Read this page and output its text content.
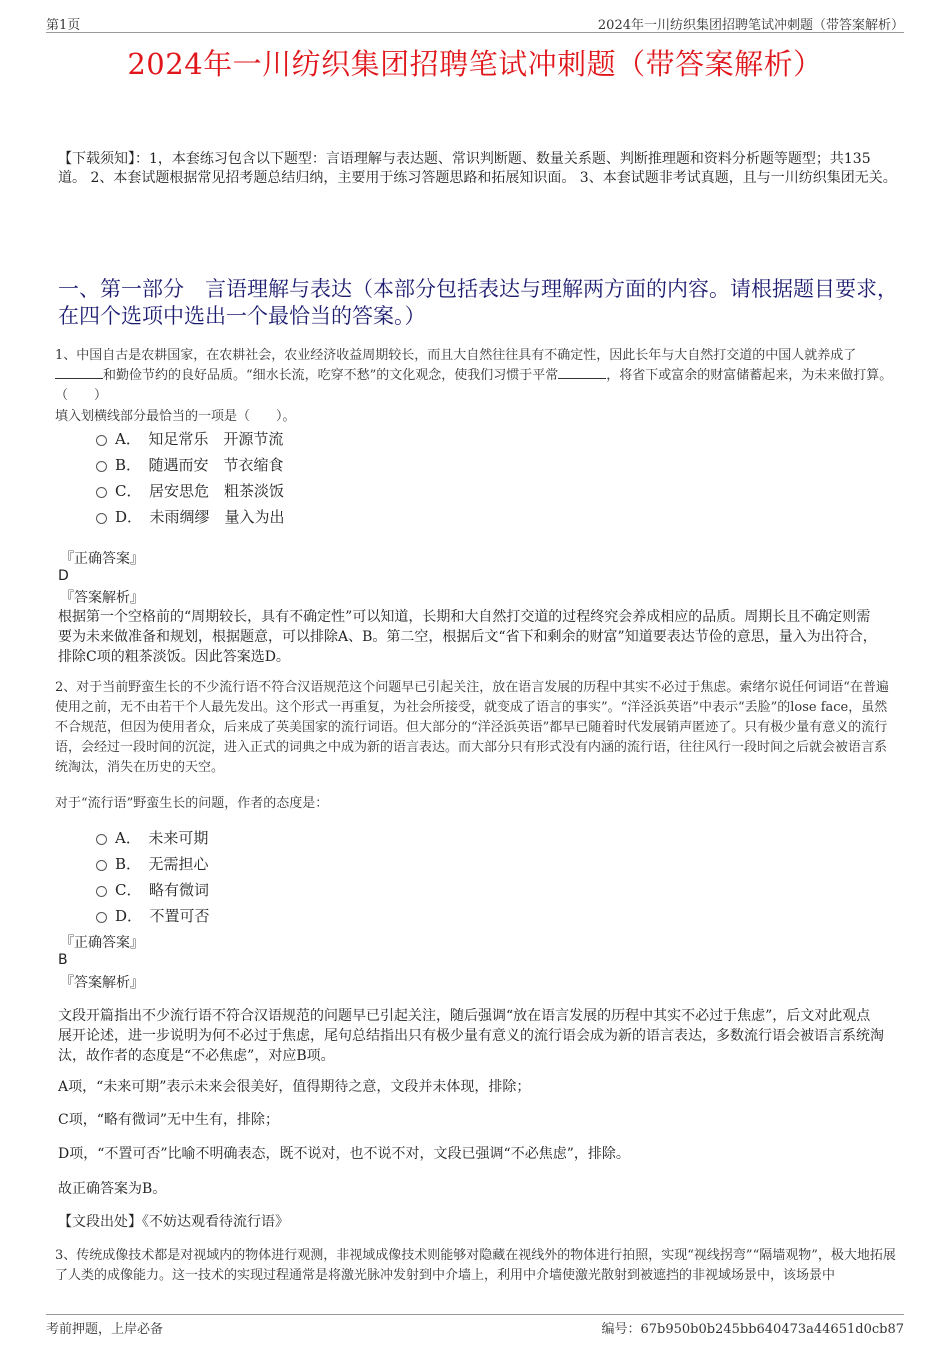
第1页	2024年一川纺织集团招聘笔试冲刺题（带答案解析）
2024年一川纺织集团招聘笔试冲刺题（带答案解析）
【下载须知】：1，本套练习包含以下题型：言语理解与表达题、常识判断题、数量关系题、判断推理题和资料分析题等题型；共135道。 2、本套试题根据常见招考题总结归纳，主要用于练习答题思路和拓展知识面。 3、本套试题非考试真题，且与一川纺织集团无关。
一、第一部分　言语理解与表达（本部分包括表达与理解两方面的内容。请根据题目要求，在四个选项中选出一个最恰当的答案。）
1、中国自古是农耕国家，在农耕社会，农业经济收益周期较长，而且大自然往往具有不确定性，因此长年与大自然打交道的中国人就养成了和勤俭节约的良好品质。“细水长流，吃穿不愁”的文化观念，使我们习惯于平常	，将省下或富余的财富储蓄起来，为未来做打算。（　　）
填入划横线部分最恰当的一项是（　　）。
A．　知足常乐　开源节流
B．　随遇而安　节衣缩食
C．　居安思危　粗茶淡饭
D．　未雨绸缪　量入为出
『正确答案』
D
『答案解析』
根据第一个空格前的“周期较长，具有不确定性”可以知道，长期和大自然打交道的过程终究会养成相应的品质。周期长且不确定则需要为未来做准备和规划，根据题意，可以排除A、B。第二空，根据后文“省下和剩余的财富”知道要表达节俭的意思，量入为出符合，排除C项的粗茶淡饭。因此答案选D。
2、对于当前野蛮生长的不少流行语不符合汉语规范这个问题早已引起关注，放在语言发展的历程中其实不必过于焦虑。索绪尔说任何词语“在普遍使用之前，无不由若干个人最先发出。这个形式一再重复，为社会所接受，就变成了语言的事实”。“洋泾浜英语”中表示“丢脸”的lose face，虽然不合规范，但因为使用者众，后来成了英美国家的流行词语。但大部分的“洋泾浜英语”都早已随着时代发展销声匿迹了。只有极少量有意义的流行语，会经过一段时间的沉淀，进入正式的词典之中成为新的语言表达。而大部分只有形式没有内涵的流行语，往往风行一段时间之后就会被语言系统淘汰，消失在历史的天空。
对于“流行语”野蛮生长的问题，作者的态度是：
A．　未来可期
B．　无需担心
C．　略有微词
D．　不置可否
『正确答案』
B
『答案解析』
文段开篇指出不少流行语不符合汉语规范的问题早已引起关注，随后强调“放在语言发展的历程中其实不必过于焦虑”，后文对此观点展开论述，进一步说明为何不必过于焦虑，尾句总结指出只有极少量有意义的流行语会成为新的语言表达，多数流行语会被语言系统淘汰，故作者的态度是“不必焦虑”，对应B项。
A项，“未来可期”表示未来会很美好，值得期待之意，文段并未体现，排除；
C项，“略有微词”无中生有，排除；
D项，“不置可否”比喻不明确表态，既不说对，也不说不对，文段已强调“不必焦虑”，排除。
故正确答案为B。
【文段出处】《不妨达观看待流行语》
3、传统成像技术都是对视域内的物体进行观测，非视域成像技术则能够对隐藏在视线外的物体进行拍照，实现“视线拐弯”“隔墙观物”，极大地拓展了人类的成像能力。这一技术的实现过程通常是将激光脉冲发射到中介墙上，利用中介墙使激光散射到被遮挡的非视域场景中，该场景中
考前押题，上岸必备	编号：67b950b0b245bb640473a44651d0cb87
